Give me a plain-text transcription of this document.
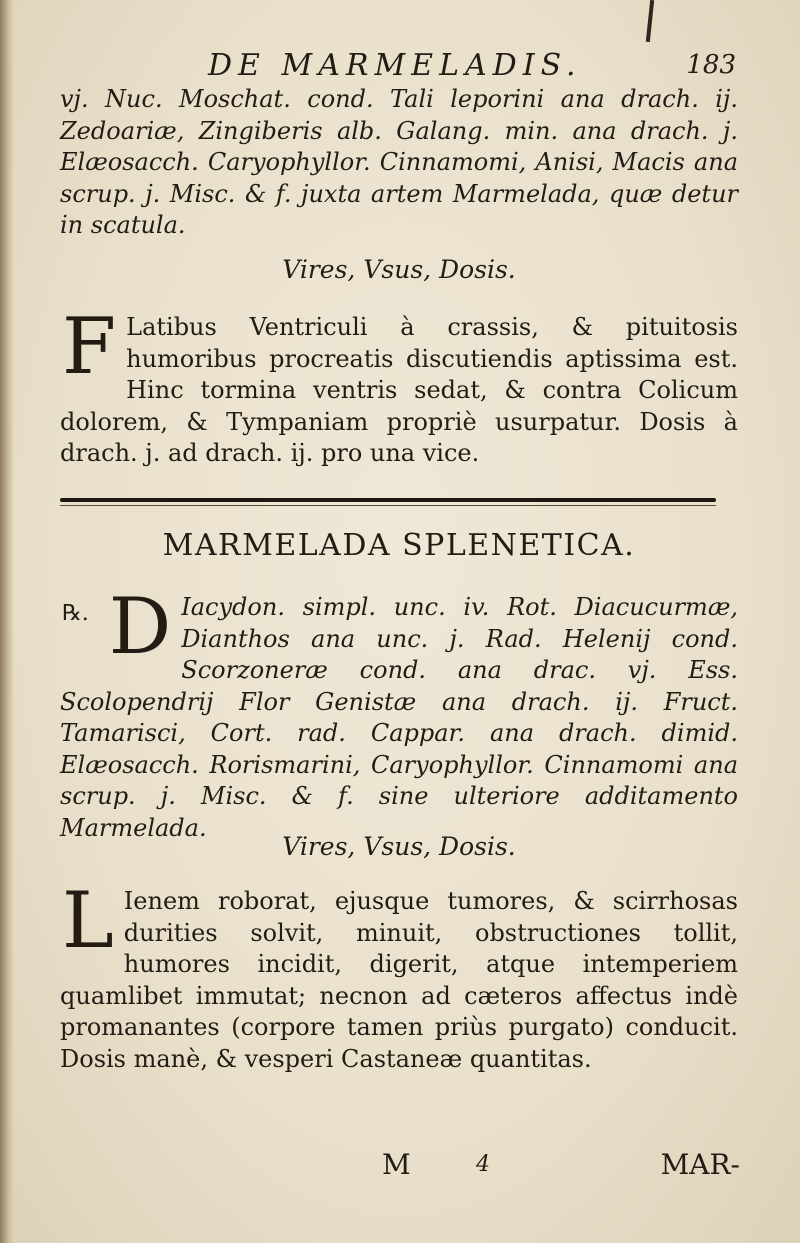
DE MARMELADIS.	183

vj. Nuc. Moschat. cond. Tali leporini ana drach. ij. Zedoariæ, Zingiberis alb. Galang. min. ana drach. j. Elæosacch. Caryophyllor. Cinnamomi, Anisi, Macis ana scrup. j. Misc. & f. juxta artem Marmelada, quæ detur in scatula.

Vires, Vsus, Dosis.
F Latibus Ventriculi à crassis, & pituitosis humoribus procreatis discutiendis aptissima est. Hinc tormina ventris sedat, & contra Colicum dolorem, & Tympaniam propriè usurpatur. Dosis à drach. j. ad drach. ij. pro una vice.
MARMELADA SPLENETICA.
℞. D Iacydon. simpl. unc. iv. Rot. Diacucurmæ, Dianthos ana unc. j. Rad. Helenij cond. Scorzoneræ cond. ana drac. vj. Ess. Scolopendrij Flor Genistæ ana drach. ij. Fruct. Tamarisci, Cort. rad. Cappar. ana drach. dimid. Elæosacch. Rorismarini, Caryophyllor. Cinnamomi ana scrup. j. Misc. & f. sine ulteriore additamento Marmelada.
Vires, Vsus, Dosis.
L Ienem roborat, ejusque tumores, & scirrhosas durities solvit, minuit, obstructiones tollit, humores incidit, digerit, atque intemperiem quamlibet immutat; necnon ad cæteros affectus indè promanantes (corpore tamen priùs purgato) conducit. Dosis manè, & vesperi Castaneæ quantitas.
M	4	MAR-
